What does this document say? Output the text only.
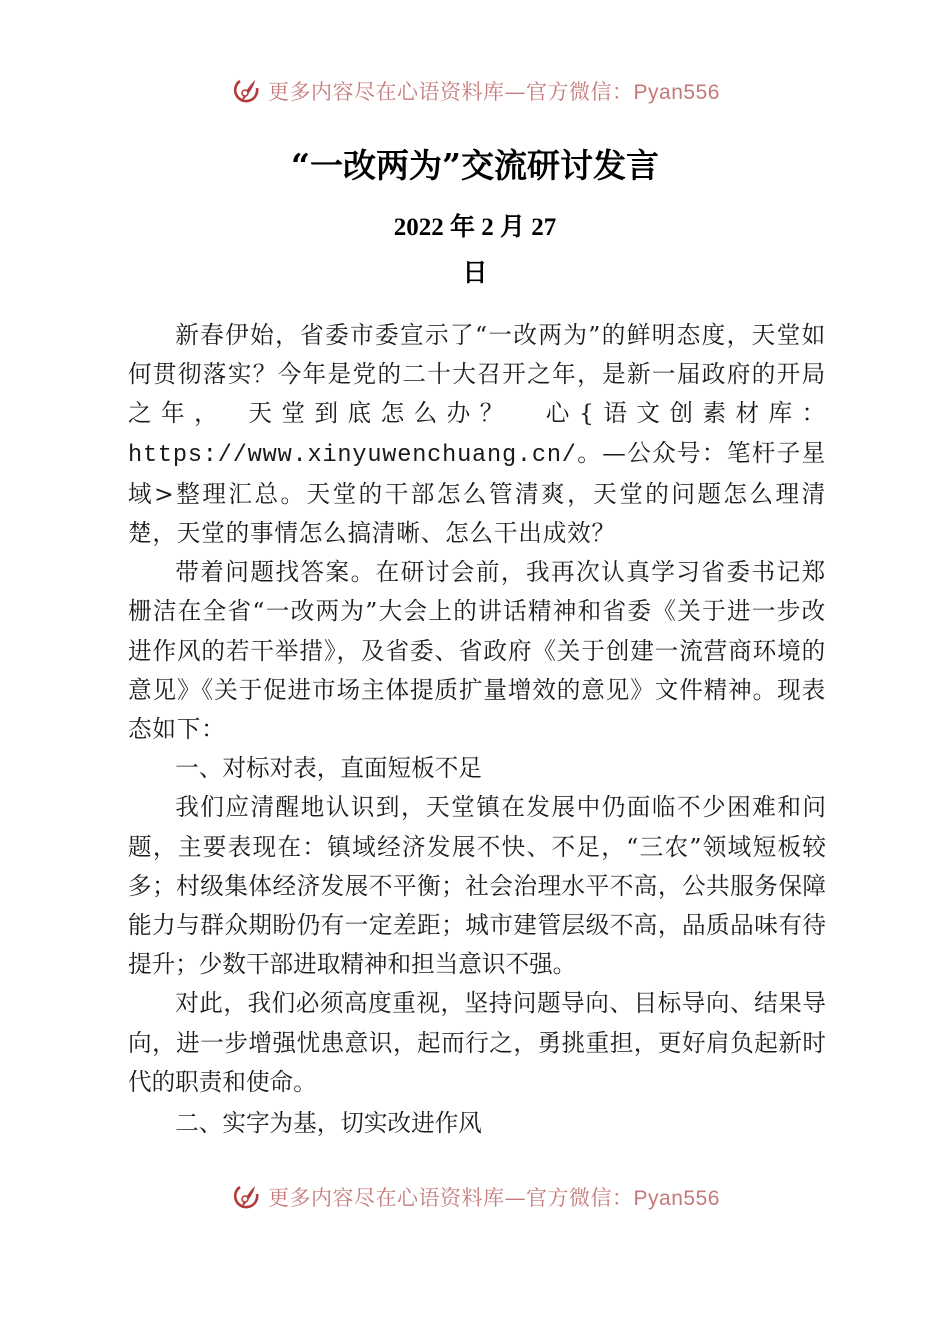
更多内容尽在心语资料库—官方微信：Pyan556
“一改两为”交流研讨发言
2022 年 2 月 27
日

新春伊始，省委市委宣示了“一改两为”的鲜明态度，天堂如何贯彻落实？今年是党的二十大召开之年，是新一届政府的开局之年，　天堂到底怎么办？　心{语文创素材库：https://www.xinyuwenchuang.cn/。—公众号：笔杆子星域>整理汇总。天堂的干部怎么管清爽，天堂的问题怎么理清楚，天堂的事情怎么搞清晰、怎么干出成效？

带着问题找答案。在研讨会前，我再次认真学习省委书记郑栅洁在全省“一改两为”大会上的讲话精神和省委《关于进一步改进作风的若干举措》，及省委、省政府《关于创建一流营商环境的意见》《关于促进市场主体提质扩量增效的意见》文件精神。现表态如下：

一、对标对表，直面短板不足

我们应清醒地认识到，天堂镇在发展中仍面临不少困难和问题，主要表现在：镇域经济发展不快、不足，“三农”领域短板较多；村级集体经济发展不平衡；社会治理水平不高，公共服务保障能力与群众期盼仍有一定差距；城市建管层级不高，品质品味有待提升；少数干部进取精神和担当意识不强。

对此，我们必须高度重视，坚持问题导向、目标导向、结果导向，进一步增强忧患意识，起而行之，勇挑重担，更好肩负起新时代的职责和使命。

二、实字为基，切实改进作风

更多内容尽在心语资料库—官方微信：Pyan556
